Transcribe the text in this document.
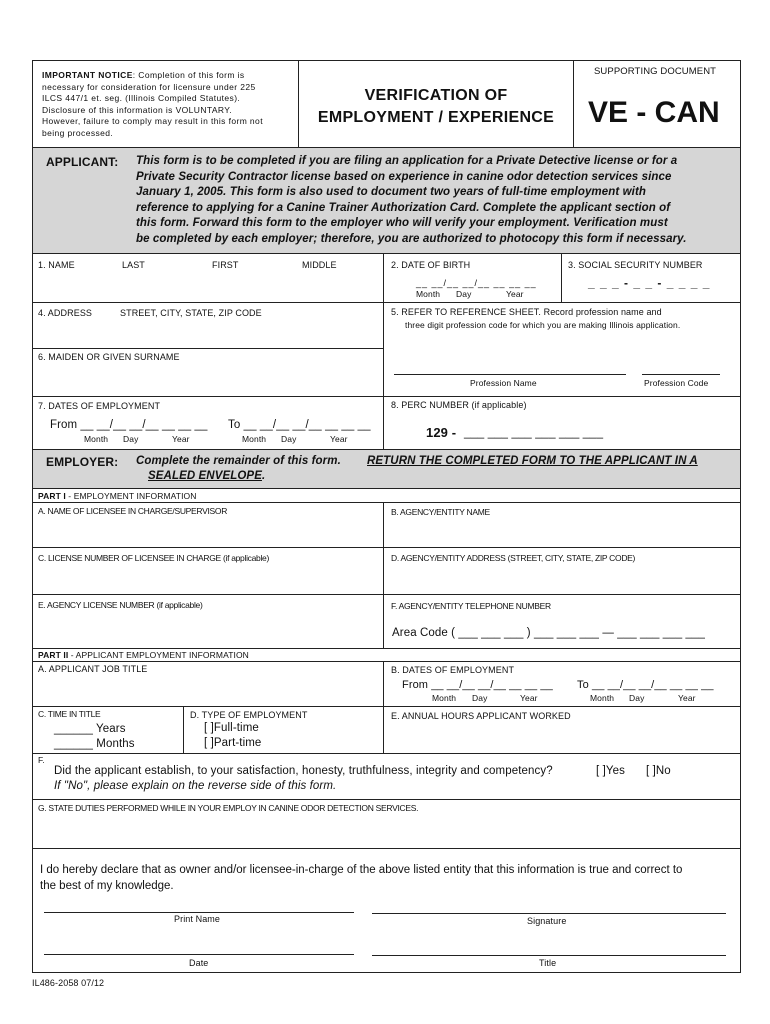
IMPORTANT NOTICE: Completion of this form is
necessary for consideration for licensure under 225
ILCS 447/1 et. seg. (Illinois Compiled Statutes).
Disclosure of this information is VOLUNTARY.
However, failure to comply may result in this form not
being processed.
VERIFICATION OF
EMPLOYMENT / EXPERIENCE
SUPPORTING DOCUMENT
VE - CAN
APPLICANT: This form is to be completed if you are filing an application for a Private Detective license or for a
Private Security Contractor license based on experience in canine odor detection services since
January 1, 2005. This form is also used to document two years of full-time employment with
reference to applying for a Canine Trainer Authorization Card. Complete the applicant section of
this form. Forward this form to the employer who will verify your employment. Verification must
be completed by each employer; therefore, you are authorized to photocopy this form if necessary.
1. NAME	LAST	FIRST	MIDDLE	2. DATE OF BIRTH
__ __/__ __/__ __ __ __
Month Day	Year
3. SOCIAL SECURITY NUMBER
_ _ _ - _ _ - _ _ _ _
4. ADDRESS	STREET, CITY, STATE, ZIP CODE	5. REFER TO REFERENCE SHEET. Record profession name and
three digit profession code for which you are making Illinois application.
Profession Name	Profession Code
6. MAIDEN OR GIVEN SURNAME
7. DATES OF EMPLOYMENT
From __ __/__ __/__ __ __ __ To __ __/__ __/__ __ __ __
Month Day	Year	Month Day	Year
8. PERC NUMBER (if applicable)
129 - ___ ___ ___ ___ ___ ___
EMPLOYER: Complete the remainder of this form. RETURN THE COMPLETED FORM TO THE APPLICANT IN A
SEALED ENVELOPE.
PART I - EMPLOYMENT INFORMATION
A. NAME OF LICENSEE IN CHARGE/SUPERVISOR	B. AGENCY/ENTITY NAME
C. LICENSE NUMBER OF LICENSEE IN CHARGE (if applicable)	D. AGENCY/ENTITY ADDRESS (STREET, CITY, STATE, ZIP CODE)
E. AGENCY LICENSE NUMBER (if applicable)	F. AGENCY/ENTITY TELEPHONE NUMBER
Area Code ( ___ ___ ___ ) ___ ___ ___ — ___ ___ ___ ___
PART II - APPLICANT EMPLOYMENT INFORMATION
A. APPLICANT JOB TITLE	B. DATES OF EMPLOYMENT
From __ __/__ __/__ __ __ __ To __ __/__ __/__ __ __ __
Month Day	Year	Month Day	Year
C. TIME IN TITLE
______ Years
______ Months
D. TYPE OF EMPLOYMENT
[ ]Full-time
[ ]Part-time
E. ANNUAL HOURS APPLICANT WORKED
F.
Did the applicant establish, to your satisfaction, honesty, truthfulness, integrity and competency?	[ ]Yes [ ]No
If "No", please explain on the reverse side of this form.
G. STATE DUTIES PERFORMED WHILE IN YOUR EMPLOY IN CANINE ODOR DETECTION SERVICES.
I do hereby declare that as owner and/or licensee-in-charge of the above listed entity that this information is true and correct to
the best of my knowledge.
Print Name	Signature
Date	Title
IL486-2058 07/12
